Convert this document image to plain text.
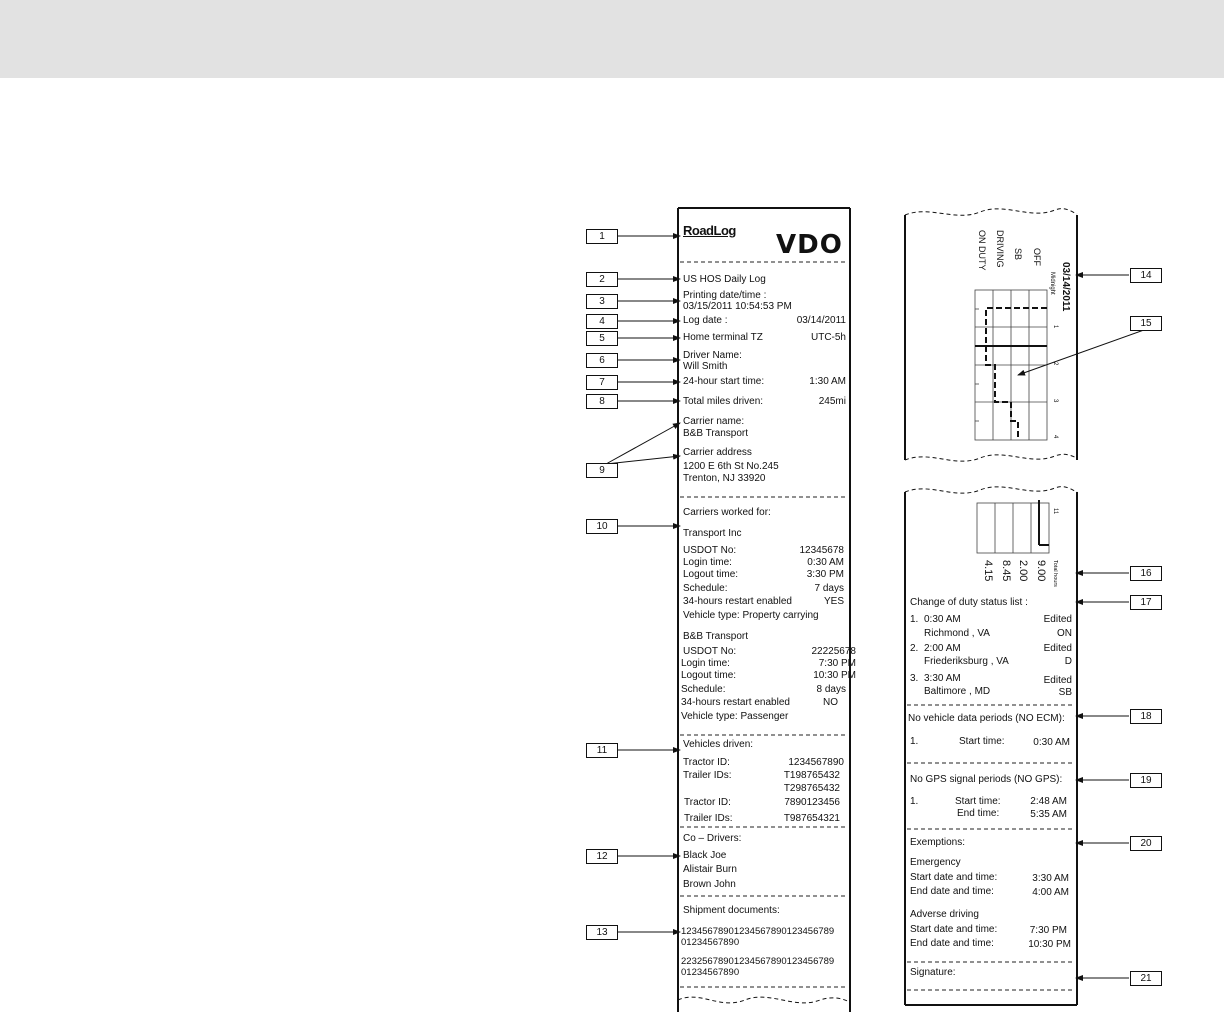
1
2
3
4
5
6
7
8
9
10
11
12
13
14
15
16
17
18
19
20
21
RoadLog VDO
US HOS Daily Log
Printing date/time :
03/15/2011 10:54:53 PM
Log date :	03/14/2011
Home terminal TZ	UTC-5h
Driver Name:
Will Smith
24-hour start time:	1:30 AM
Total miles driven:	245mi
Carrier name:
B&B Transport
Carrier address
1200 E 6th St No.245
Trenton, NJ 33920
Carriers worked for:
Transport Inc
USDOT No:	12345678
Login time:	0:30 AM
Logout time:	3:30 PM
Schedule:	7 days
34-hours restart enabled	YES
Vehicle type: Property carrying
B&B Transport
USDOT No:	22225678
Login time:	7:30 PM
Logout time:	10:30 PM
Schedule:	8 days
34-hours restart enabled	NO
Vehicle type: Passenger
Vehicles driven:
Tractor ID:	1234567890
Trailer IDs:	T198765432
T298765432
Tractor ID:	7890123456
Trailer IDs:	T987654321
Co – Drivers:
Black Joe
Alistair Burn
Brown John
Shipment documents:
12345678901234567890123456789
01234567890
22325678901234567890123456789
01234567890
03/14/2011
Midnight
OFF
SB
DRIVING
ON DUTY
1
2
3
4
11
Total hours
9.00
2.00
8.45
4.15
Change of duty status list :
1. 0:30 AM	Edited
Richmond , VA	ON
2. 2:00 AM	Edited
Friederiksburg , VA	D
3. 3:30 AM	Edited
Baltimore , MD	SB
No vehicle data periods (NO ECM):
1.	Start time:	0:30 AM
No GPS signal periods (NO GPS):
1.	Start time:	2:48 AM
End time:	5:35 AM
Exemptions:
Emergency
Start date and time:	3:30 AM
End date and time:	4:00 AM
Adverse driving
Start date and time:	7:30 PM
End date and time:	10:30 PM
Signature:
